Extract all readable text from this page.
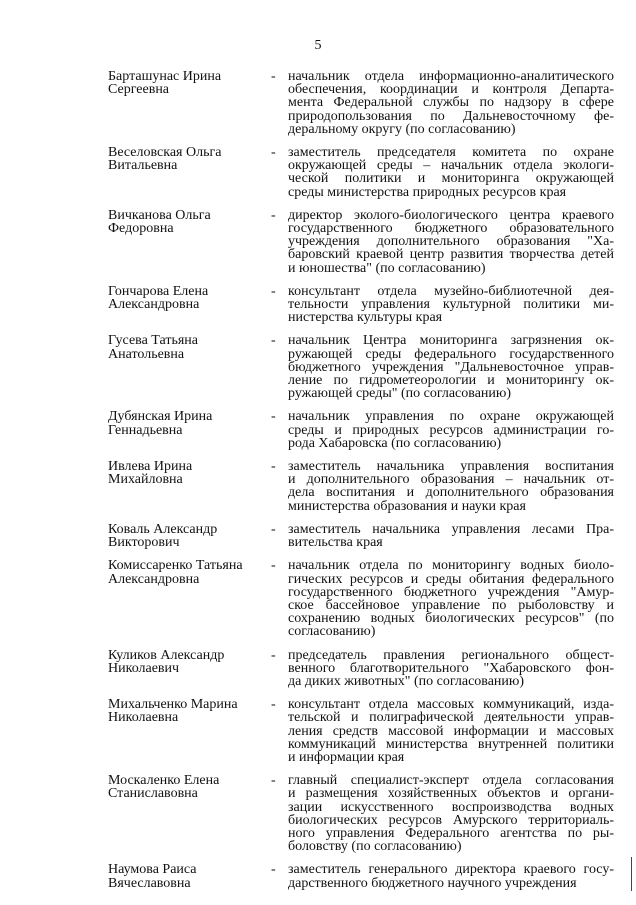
5
Барташунас Ирина
Сергеевна
- начальник отдела информационно-аналитического
обеспечения, координации и контроля Департа-
мента Федеральной службы по надзору в сфере
природопользования по Дальневосточному фе-
деральному округу (по согласованию)
Веселовская Ольга
Витальевна
- заместитель председателя комитета по охране
окружающей среды – начальник отдела экологи-
ческой политики и мониторинга окружающей
среды министерства природных ресурсов края
Вичканова Ольга
Федоровна
- директор эколого-биологического центра краевого
государственного бюджетного образовательного
учреждения дополнительного образования "Ха-
баровский краевой центр развития творчества детей
и юношества" (по согласованию)
Гончарова Елена
Александровна
- консультант отдела музейно-библиотечной дея-
тельности управления культурной политики ми-
нистерства культуры края
Гусева Татьяна
Анатольевна
- начальник Центра мониторинга загрязнения ок-
ружающей среды федерального государственного
бюджетного учреждения "Дальневосточное управ-
ление по гидрометеорологии и мониторингу ок-
ружающей среды" (по согласованию)
Дубянская Ирина
Геннадьевна
- начальник управления по охране окружающей
среды и природных ресурсов администрации го-
рода Хабаровска (по согласованию)
Ивлева Ирина
Михайловна
- заместитель начальника управления воспитания
и дополнительного образования – начальник от-
дела воспитания и дополнительного образования
министерства образования и науки края
Коваль Александр
Викторович
- заместитель начальника управления лесами Пра-
вительства края
Комиссаренко Татьяна
Александровна
- начальник отдела по мониторингу водных биоло-
гических ресурсов и среды обитания федерального
государственного бюджетного учреждения "Амур-
ское бассейновое управление по рыболовству и
сохранению водных биологических ресурсов" (по
согласованию)
Куликов Александр
Николаевич
- председатель правления регионального общест-
венного благотворительного "Хабаровского фон-
да диких животных" (по согласованию)
Михальченко Марина
Николаевна
- консультант отдела массовых коммуникаций, изда-
тельской и полиграфической деятельности управ-
ления средств массовой информации и массовых
коммуникаций министерства внутренней политики
и информации края
Москаленко Елена
Станиславовна
- главный специалист-эксперт отдела согласования
и размещения хозяйственных объектов и органи-
зации искусственного воспроизводства водных
биологических ресурсов Амурского территориаль-
ного управления Федерального агентства по ры-
боловству (по согласованию)
Наумова Раиса
Вячеславовна
- заместитель генерального директора краевого госу-
дарственного бюджетного научного учреждения
